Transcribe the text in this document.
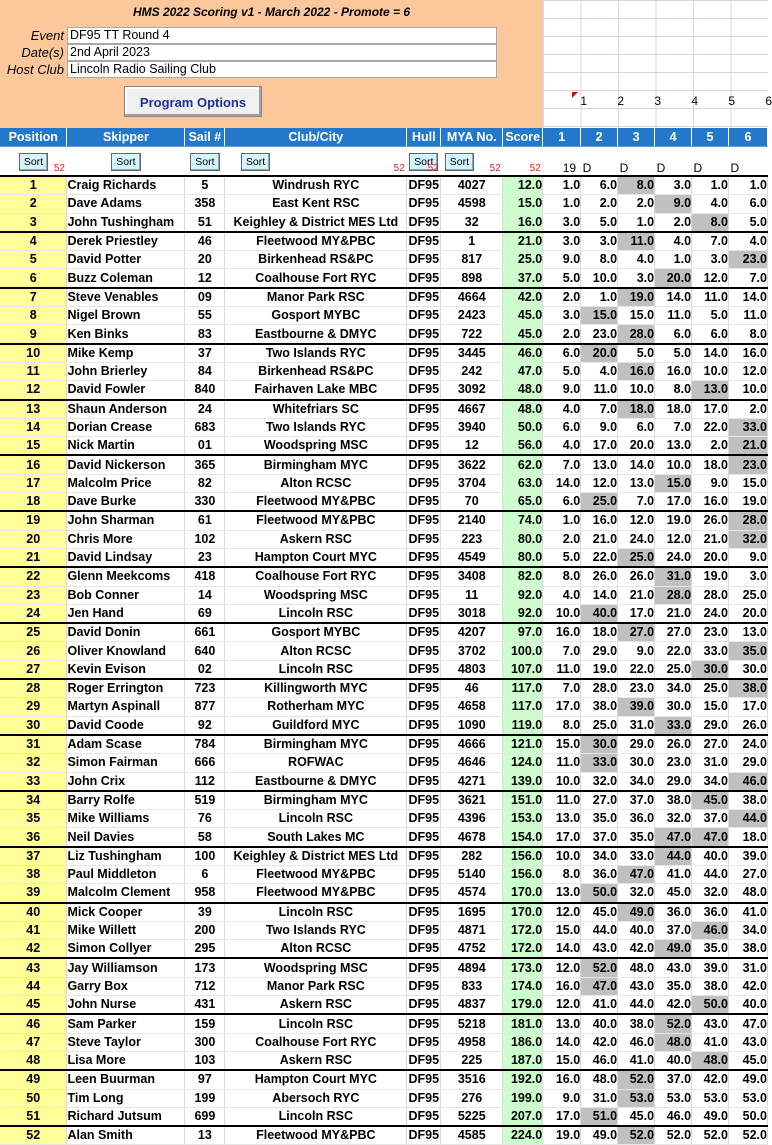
HMS 2022 Scoring v1 - March 2022 - Promote = 6
Event DF95 TT Round 4
Date(s) 2nd April 2023
Host Club Lincoln Radio Sailing Club
Program Options	1	2	3	4	5	6
Position	Skipper	Sail #	Club/City	Hull	MYA No.	Score	1	2	3	4	5	6
Sort
52	Sort	Sort	Sort
52	Sort
52	Sort
52	52	19	D	D	D	D	D

1	Craig Richards	5	Windrush RYC	DF95	4027	12.0	1.0	6.0	8.0	3.0	1.0	1.0
2	Dave Adams	358	East Kent RSC	DF95	4598	15.0	1.0	2.0	2.0	9.0	4.0	6.0
3	John Tushingham	51	Keighley & District MES Ltd	DF95	32	16.0	3.0	5.0	1.0	2.0	8.0	5.0
4	Derek Priestley	46	Fleetwood MY&PBC	DF95	1	21.0	3.0	3.0	11.0	4.0	7.0	4.0
5	David Potter	20	Birkenhead RS&PC	DF95	817	25.0	9.0	8.0	4.0	1.0	3.0	23.0
6	Buzz Coleman	12	Coalhouse Fort RYC	DF95	898	37.0	5.0	10.0	3.0	20.0	12.0	7.0
7	Steve Venables	09	Manor Park RSC	DF95	4664	42.0	2.0	1.0	19.0	14.0	11.0	14.0
8	Nigel Brown	55	Gosport MYBC	DF95	2423	45.0	3.0	15.0	15.0	11.0	5.0	11.0
9	Ken Binks	83	Eastbourne & DMYC	DF95	722	45.0	2.0	23.0	28.0	6.0	6.0	8.0
10	Mike Kemp	37	Two Islands RYC	DF95	3445	46.0	6.0	20.0	5.0	5.0	14.0	16.0
11	John Brierley	84	Birkenhead RS&PC	DF95	242	47.0	5.0	4.0	16.0	16.0	10.0	12.0
12	David Fowler	840	Fairhaven Lake MBC	DF95	3092	48.0	9.0	11.0	10.0	8.0	13.0	10.0
13	Shaun Anderson	24	Whitefriars SC	DF95	4667	48.0	4.0	7.0	18.0	18.0	17.0	2.0
14	Dorian Crease	683	Two Islands RYC	DF95	3940	50.0	6.0	9.0	6.0	7.0	22.0	33.0
15	Nick Martin	01	Woodspring MSC	DF95	12	56.0	4.0	17.0	20.0	13.0	2.0	21.0
16	David Nickerson	365	Birmingham MYC	DF95	3622	62.0	7.0	13.0	14.0	10.0	18.0	23.0
17	Malcolm Price	82	Alton RCSC	DF95	3704	63.0	14.0	12.0	13.0	15.0	9.0	15.0
18	Dave Burke	330	Fleetwood MY&PBC	DF95	70	65.0	6.0	25.0	7.0	17.0	16.0	19.0
19	John Sharman	61	Fleetwood MY&PBC	DF95	2140	74.0	1.0	16.0	12.0	19.0	26.0	28.0
20	Chris More	102	Askern RSC	DF95	223	80.0	2.0	21.0	24.0	12.0	21.0	32.0
21	David Lindsay	23	Hampton Court MYC	DF95	4549	80.0	5.0	22.0	25.0	24.0	20.0	9.0
22	Glenn Meekcoms	418	Coalhouse Fort RYC	DF95	3408	82.0	8.0	26.0	26.0	31.0	19.0	3.0
23	Bob Conner	14	Woodspring MSC	DF95	11	92.0	4.0	14.0	21.0	28.0	28.0	25.0
24	Jen Hand	69	Lincoln RSC	DF95	3018	92.0	10.0	40.0	17.0	21.0	24.0	20.0
25	David Donin	661	Gosport MYBC	DF95	4207	97.0	16.0	18.0	27.0	27.0	23.0	13.0
26	Oliver Knowland	640	Alton RCSC	DF95	3702	100.0	7.0	29.0	9.0	22.0	33.0	35.0
27	Kevin Evison	02	Lincoln RSC	DF95	4803	107.0	11.0	19.0	22.0	25.0	30.0	30.0
28	Roger Errington	723	Killingworth MYC	DF95	46	117.0	7.0	28.0	23.0	34.0	25.0	38.0
29	Martyn Aspinall	877	Rotherham MYC	DF95	4658	117.0	17.0	38.0	39.0	30.0	15.0	17.0
30	David Coode	92	Guildford MYC	DF95	1090	119.0	8.0	25.0	31.0	33.0	29.0	26.0
31	Adam Scase	784	Birmingham MYC	DF95	4666	121.0	15.0	30.0	29.0	26.0	27.0	24.0
32	Simon Fairman	666	ROFWAC	DF95	4646	124.0	11.0	33.0	30.0	23.0	31.0	29.0
33	John Crix	112	Eastbourne & DMYC	DF95	4271	139.0	10.0	32.0	34.0	29.0	34.0	46.0
34	Barry Rolfe	519	Birmingham MYC	DF95	3621	151.0	11.0	27.0	37.0	38.0	45.0	38.0
35	Mike Williams	76	Lincoln RSC	DF95	4396	153.0	13.0	35.0	36.0	32.0	37.0	44.0
36	Neil Davies	58	South Lakes MC	DF95	4678	154.0	17.0	37.0	35.0	47.0	47.0	18.0
37	Liz Tushingham	100	Keighley & District MES Ltd	DF95	282	156.0	10.0	34.0	33.0	44.0	40.0	39.0
38	Paul Middleton	6	Fleetwood MY&PBC	DF95	5140	156.0	8.0	36.0	47.0	41.0	44.0	27.0
39	Malcolm Clement	958	Fleetwood MY&PBC	DF95	4574	170.0	13.0	50.0	32.0	45.0	32.0	48.0
40	Mick Cooper	39	Lincoln RSC	DF95	1695	170.0	12.0	45.0	49.0	36.0	36.0	41.0
41	Mike Willett	200	Two Islands RYC	DF95	4871	172.0	15.0	44.0	40.0	37.0	46.0	34.0
42	Simon Collyer	295	Alton RCSC	DF95	4752	172.0	14.0	43.0	42.0	49.0	35.0	38.0
43	Jay Williamson	173	Woodspring MSC	DF95	4894	173.0	12.0	52.0	48.0	43.0	39.0	31.0
44	Garry Box	712	Manor Park RSC	DF95	833	174.0	16.0	47.0	43.0	35.0	38.0	42.0
45	John Nurse	431	Askern RSC	DF95	4837	179.0	12.0	41.0	44.0	42.0	50.0	40.0
46	Sam Parker	159	Lincoln RSC	DF95	5218	181.0	13.0	40.0	38.0	52.0	43.0	47.0
47	Steve Taylor	300	Coalhouse Fort RYC	DF95	4958	186.0	14.0	42.0	46.0	48.0	41.0	43.0
48	Lisa More	103	Askern RSC	DF95	225	187.0	15.0	46.0	41.0	40.0	48.0	45.0
49	Leen Buurman	97	Hampton Court MYC	DF95	3516	192.0	16.0	48.0	52.0	37.0	42.0	49.0
50	Tim Long	199	Abersoch RYC	DF95	276	199.0	9.0	31.0	53.0	53.0	53.0	53.0
51	Richard Jutsum	699	Lincoln RSC	DF95	5225	207.0	17.0	51.0	45.0	46.0	49.0	50.0
52	Alan Smith	13	Fleetwood MY&PBC	DF95	4585	224.0	19.0	49.0	52.0	52.0	52.0	52.0
